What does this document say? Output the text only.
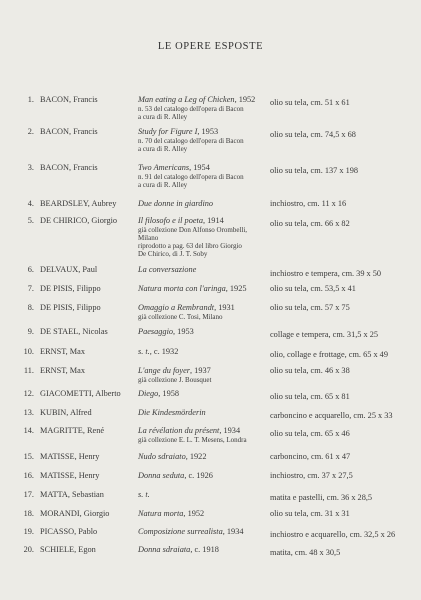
LE OPERE ESPOSTE
1. BACON, Francis	Man eating a Leg of Chicken, 1952
n. 53 del catalogo dell'opera di Bacon
a cura di R. Alley
olio su tela, cm. 51 x 61
2. BACON, Francis	Study for Figure I, 1953
n. 70 del catalogo dell'opera di Bacon
a cura di R. Alley
olio su tela, cm. 74,5 x 68
3. BACON, Francis	Two Americans, 1954
n. 91 del catalogo dell'opera di Bacon
a cura di R. Alley
olio su tela, cm. 137 x 198
4. BEARDSLEY, Aubrey	Due donne in giardino	inchiostro, cm. 11 x 16
5. DE CHIRICO, Giorgio	Il filosofo e il poeta, 1914
già collezione Don Alfonso Orombelli,
Milano
riprodotto a pag. 63 del libro Giorgio
De Chirico, di J. T. Soby
olio su tela, cm. 66 x 82
6. DELVAUX, Paul	La conversazione	inchiostro e tempera, cm. 39 x 50
7. DE PISIS, Filippo	Natura morta con l'aringa, 1925	olio su tela, cm. 53,5 x 41
8. DE PISIS, Filippo	Omaggio a Rembrandt, 1931
già collezione C. Tosi, Milano
olio su tela, cm. 57 x 75
9. DE STAEL, Nicolas	Paesaggio, 1953	collage e tempera, cm. 31,5 x 25
10. ERNST, Max	s. t., c. 1932	olio, collage e frottage, cm. 65 x 49
11. ERNST, Max	L'ange du foyer, 1937
già collezione J. Bousquet
olio su tela, cm. 46 x 38
12. GIACOMETTI, Alberto	Diego, 1958	olio su tela, cm. 65 x 81
13. KUBIN, Alfred	Die Kindesmörderin	carboncino e acquarello, cm. 25 x 33
14. MAGRITTE, René	La révélation du présent, 1934
già collezione E. L. T. Mesens, Londra
olio su tela, cm. 65 x 46
15. MATISSE, Henry	Nudo sdraiato, 1922	carboncino, cm. 61 x 47
16. MATISSE, Henry	Donna seduta, c. 1926	inchiostro, cm. 37 x 27,5
17. MATTA, Sebastian	s. t.	matita e pastelli, cm. 36 x 28,5
18. MORANDI, Giorgio	Natura morta, 1952	olio su tela, cm. 31 x 31
19. PICASSO, Pablo	Composizione surrealista, 1934	inchiostro e acquarello, cm. 32,5 x 26
20. SCHIELE, Egon	Donna sdraiata, c. 1918	matita, cm. 48 x 30,5
